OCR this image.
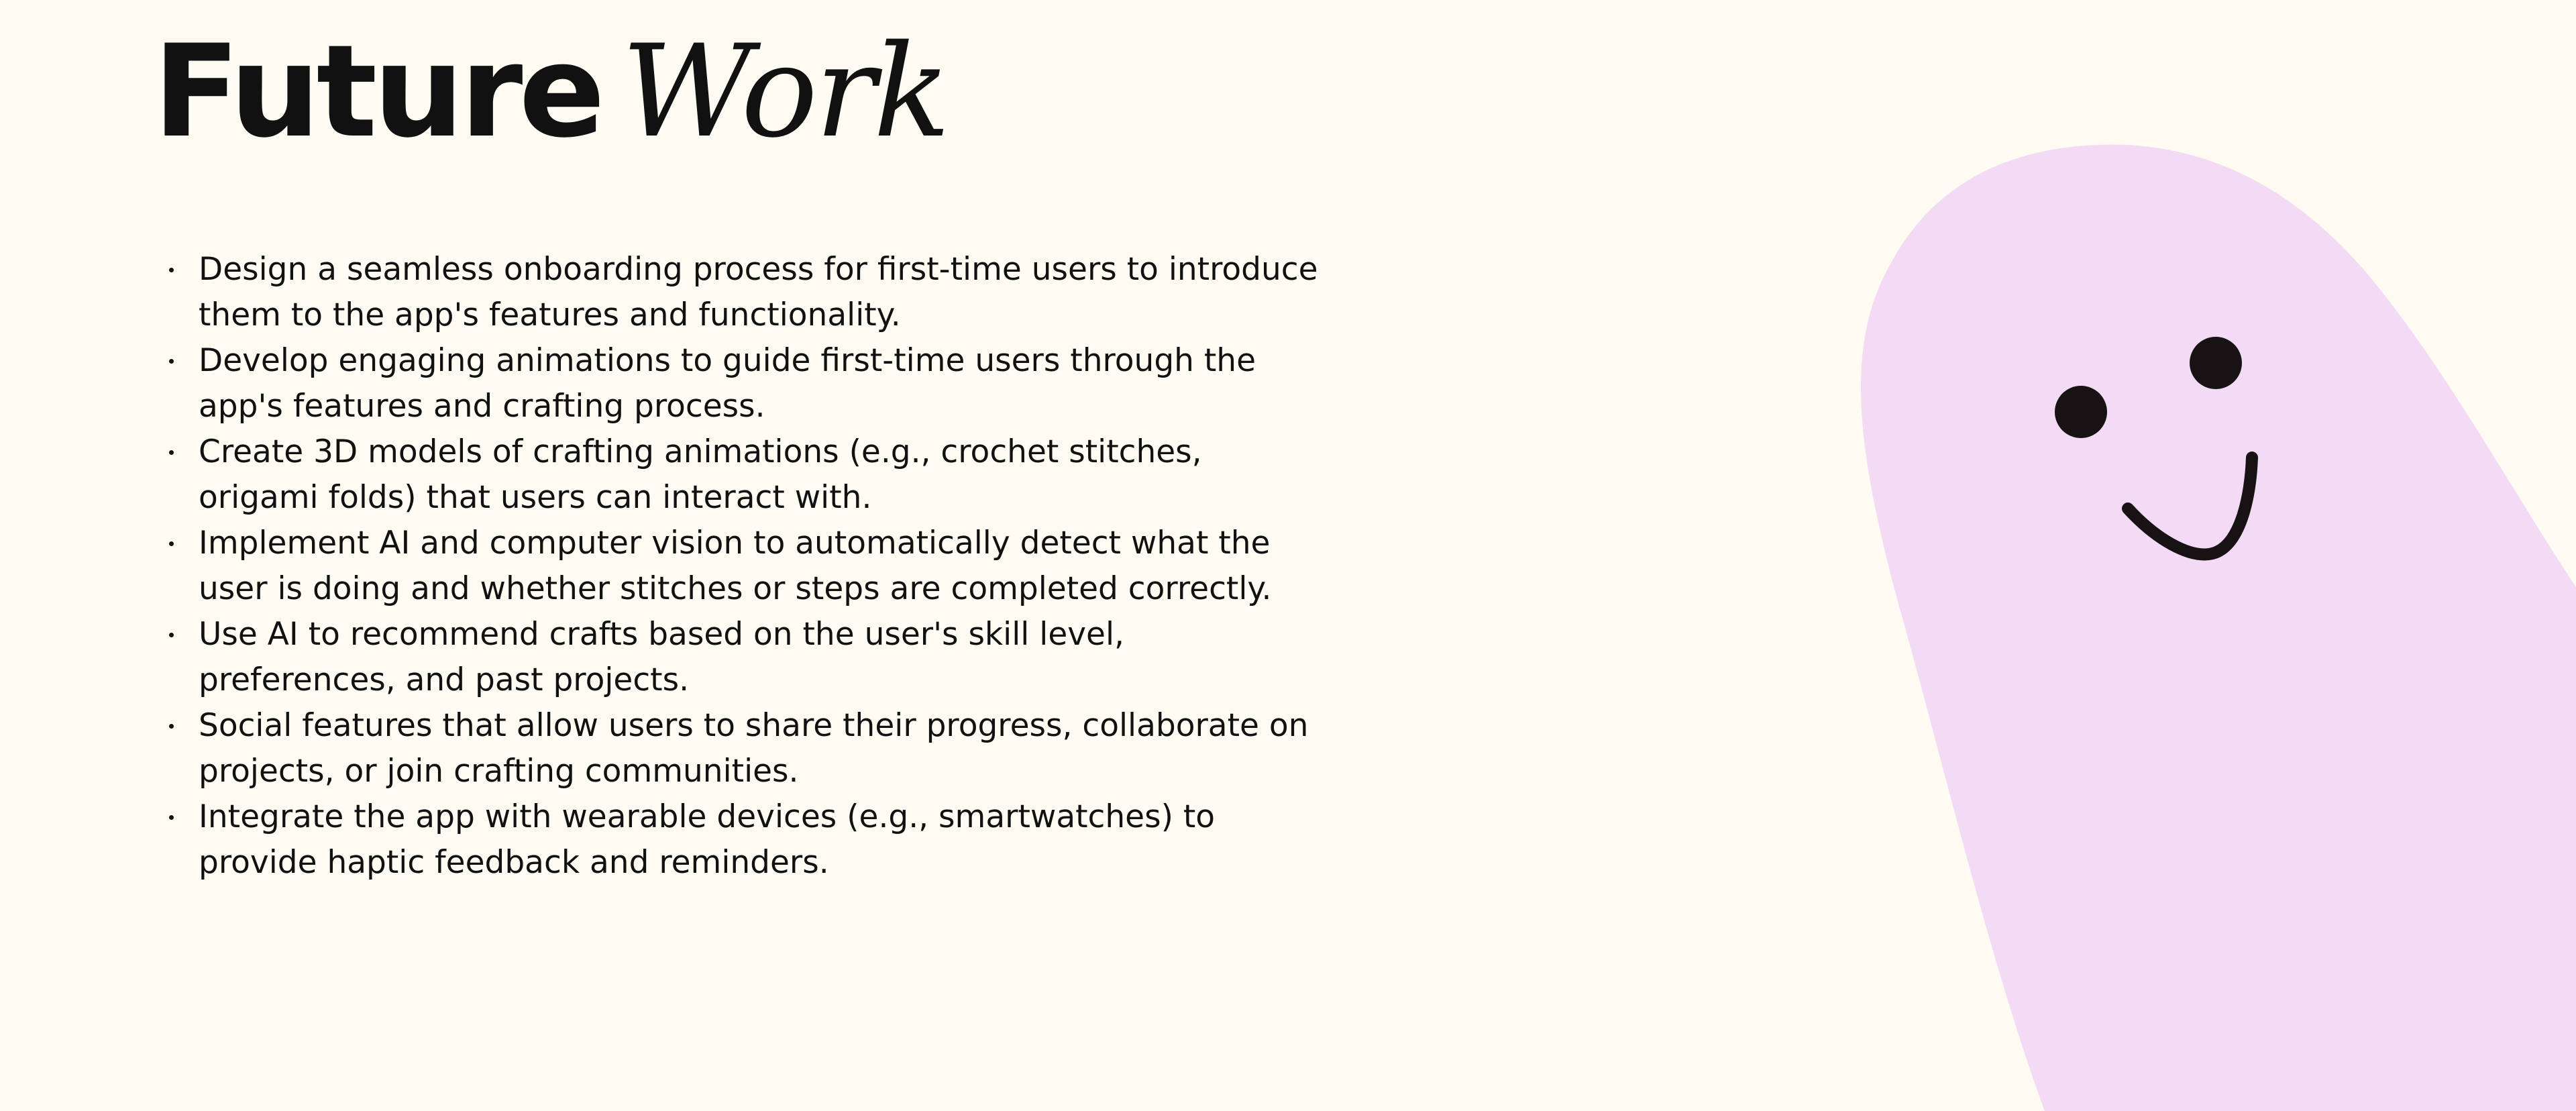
Future Work
Design a seamless onboarding process for first-time users to introduce them to the app's features and functionality.
Develop engaging animations to guide first-time users through the app's features and crafting process.
Create 3D models of crafting animations (e.g., crochet stitches, origami folds) that users can interact with.
Implement AI and computer vision to automatically detect what the user is doing and whether stitches or steps are completed correctly.
Use AI to recommend crafts based on the user's skill level, preferences, and past projects.
Social features that allow users to share their progress, collaborate on projects, or join crafting communities.
Integrate the app with wearable devices (e.g., smartwatches) to provide haptic feedback and reminders.
